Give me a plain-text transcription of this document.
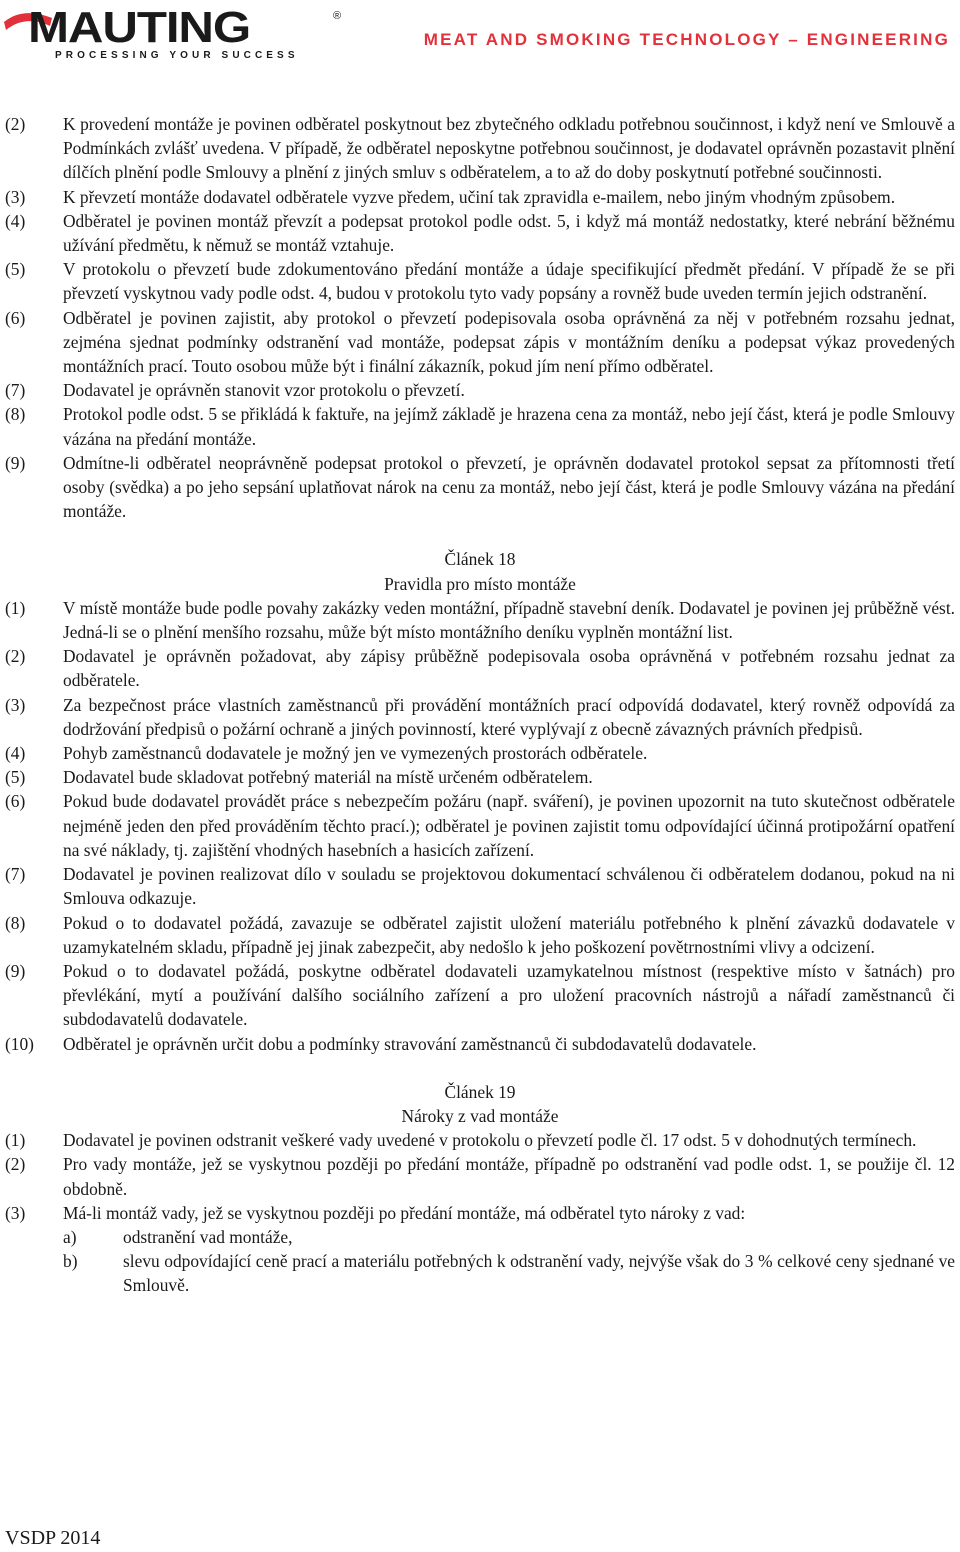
MAUTING	®
PROCESSING YOUR SUCCESS
MEAT AND SMOKING TECHNOLOGY – ENGINEERING
(2) K provedení montáže je povinen odběratel poskytnout bez zbytečného odkladu potřebnou součinnost, i když není ve Smlouvě a Podmínkách zvlášť uvedena. V případě, že odběratel neposkytne potřebnou součinnost, je dodavatel oprávněn pozastavit plnění dílčích plnění podle Smlouvy a plnění z jiných smluv s odběratelem, a to až do doby poskytnutí potřebné součinnosti.
(3) K převzetí montáže dodavatel odběratele vyzve předem, učiní tak zpravidla e-mailem, nebo jiným vhodným způsobem.
(4) Odběratel je povinen montáž převzít a podepsat protokol podle odst. 5, i když má montáž nedostatky, které nebrání běžnému užívání předmětu, k němuž se montáž vztahuje.
(5) V protokolu o převzetí bude zdokumentováno předání montáže a údaje specifikující předmět předání. V případě že se při převzetí vyskytnou vady podle odst. 4, budou v protokolu tyto vady popsány a rovněž bude uveden termín jejich odstranění.
(6) Odběratel je povinen zajistit, aby protokol o převzetí podepisovala osoba oprávněná za něj v potřebném rozsahu jednat, zejména sjednat podmínky odstranění vad montáže, podepsat zápis v montážním deníku a podepsat výkaz provedených montážních prací. Touto osobou může být i finální zákazník, pokud jím není přímo odběratel.
(7) Dodavatel je oprávněn stanovit vzor protokolu o převzetí.
(8) Protokol podle odst. 5 se přikládá k faktuře, na jejímž základě je hrazena cena za montáž, nebo její část, která je podle Smlouvy vázána na předání montáže.
(9) Odmítne-li odběratel neoprávněně podepsat protokol o převzetí, je oprávněn dodavatel protokol sepsat za přítomnosti třetí osoby (svědka) a po jeho sepsání uplatňovat nárok na cenu za montáž, nebo její část, která je podle Smlouvy vázána na předání montáže.
Článek 18
Pravidla pro místo montáže
(1) V místě montáže bude podle povahy zakázky veden montážní, případně stavební deník. Dodavatel je povinen jej průběžně vést. Jedná-li se o plnění menšího rozsahu, může být místo montážního deníku vyplněn montážní list.
(2) Dodavatel je oprávněn požadovat, aby zápisy průběžně podepisovala osoba oprávněná v potřebném rozsahu jednat za odběratele.
(3) Za bezpečnost práce vlastních zaměstnanců při provádění montážních prací odpovídá dodavatel, který rovněž odpovídá za dodržování předpisů o požární ochraně a jiných povinností, které vyplývají z obecně závazných právních předpisů.
(4) Pohyb zaměstnanců dodavatele je možný jen ve vymezených prostorách odběratele.
(5) Dodavatel bude skladovat potřebný materiál na místě určeném odběratelem.
(6) Pokud bude dodavatel provádět práce s nebezpečím požáru (např. sváření), je povinen upozornit na tuto skutečnost odběratele nejméně jeden den před prováděním těchto prací.); odběratel je povinen zajistit tomu odpovídající účinná protipožární opatření na své náklady, tj. zajištění vhodných hasebních a hasicích zařízení.
(7) Dodavatel je povinen realizovat dílo v souladu se projektovou dokumentací schválenou či odběratelem dodanou, pokud na ni Smlouva odkazuje.
(8) Pokud o to dodavatel požádá, zavazuje se odběratel zajistit uložení materiálu potřebného k plnění závazků dodavatele v uzamykatelném skladu, případně jej jinak zabezpečit, aby nedošlo k jeho poškození povětrnostními vlivy a odcizení.
(9) Pokud o to dodavatel požádá, poskytne odběratel dodavateli uzamykatelnou místnost (respektive místo v šatnách) pro převlékání, mytí a používání dalšího sociálního zařízení a pro uložení pracovních nástrojů a nářadí zaměstnanců či subdodavatelů dodavatele.
(10) Odběratel je oprávněn určit dobu a podmínky stravování zaměstnanců či subdodavatelů dodavatele.
Článek 19
Nároky z vad montáže
(1) Dodavatel je povinen odstranit veškeré vady uvedené v protokolu o převzetí podle čl. 17 odst. 5 v dohodnutých termínech.
(2) Pro vady montáže, jež se vyskytnou později po předání montáže, případně po odstranění vad podle odst. 1, se použije čl. 12 obdobně.
(3) Má-li montáž vady, jež se vyskytnou později po předání montáže, má odběratel tyto nároky z vad:
a)	odstranění vad montáže,
b)	slevu odpovídající ceně prací a materiálu potřebných k odstranění vady, nejvýše však do 3 % celkové ceny sjednané ve Smlouvě.
VSDP 2014
